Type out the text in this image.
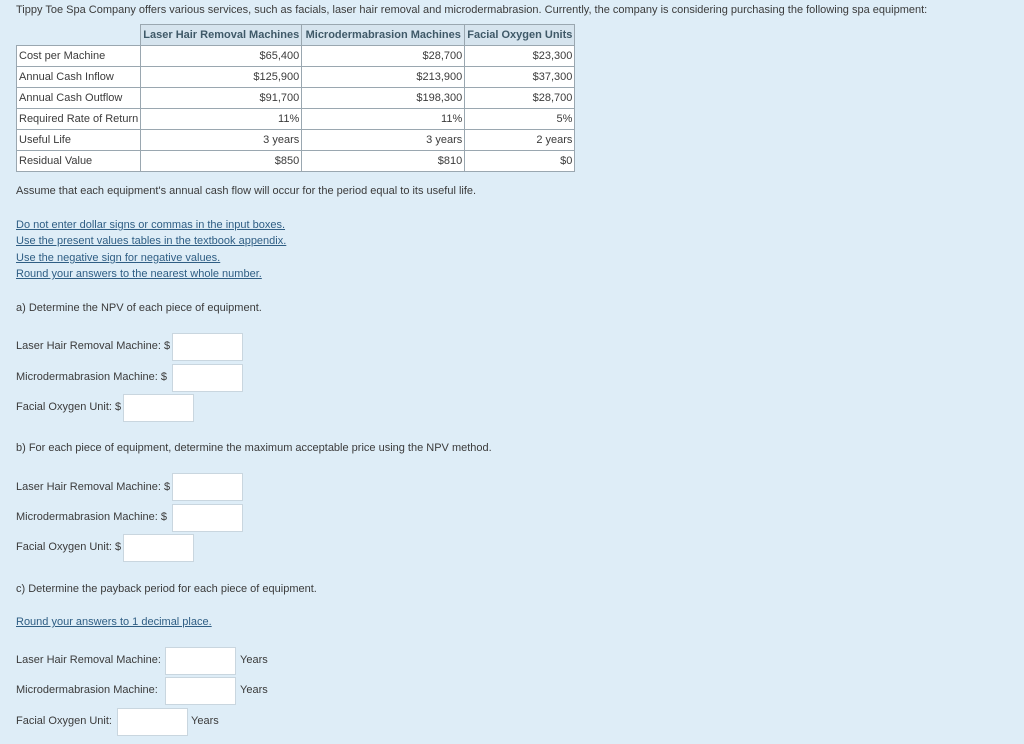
Tippy Toe Spa Company offers various services, such as facials, laser hair removal and microdermabrasion. Currently, the company is considering purchasing the following spa equipment:
	Laser Hair Removal Machines	Microdermabrasion Machines	Facial Oxygen Units
Cost per Machine	$65,400	$28,700	$23,300
Annual Cash Inflow	$125,900	$213,900	$37,300
Annual Cash Outflow	$91,700	$198,300	$28,700
Required Rate of Return	11%	11%	5%
Useful Life	3 years	3 years	2 years
Residual Value	$850	$810	$0
Assume that each equipment's annual cash flow will occur for the period equal to its useful life.
Do not enter dollar signs or commas in the input boxes.
Use the present values tables in the textbook appendix.
Use the negative sign for negative values.
Round your answers to the nearest whole number.
a) Determine the NPV of each piece of equipment.
Laser Hair Removal Machine: $
Microdermabrasion Machine: $
Facial Oxygen Unit: $
b) For each piece of equipment, determine the maximum acceptable price using the NPV method.
Laser Hair Removal Machine: $
Microdermabrasion Machine: $
Facial Oxygen Unit: $
c) Determine the payback period for each piece of equipment.
Round your answers to 1 decimal place.
Laser Hair Removal Machine:	Years
Microdermabrasion Machine:	Years
Facial Oxygen Unit:	Years
